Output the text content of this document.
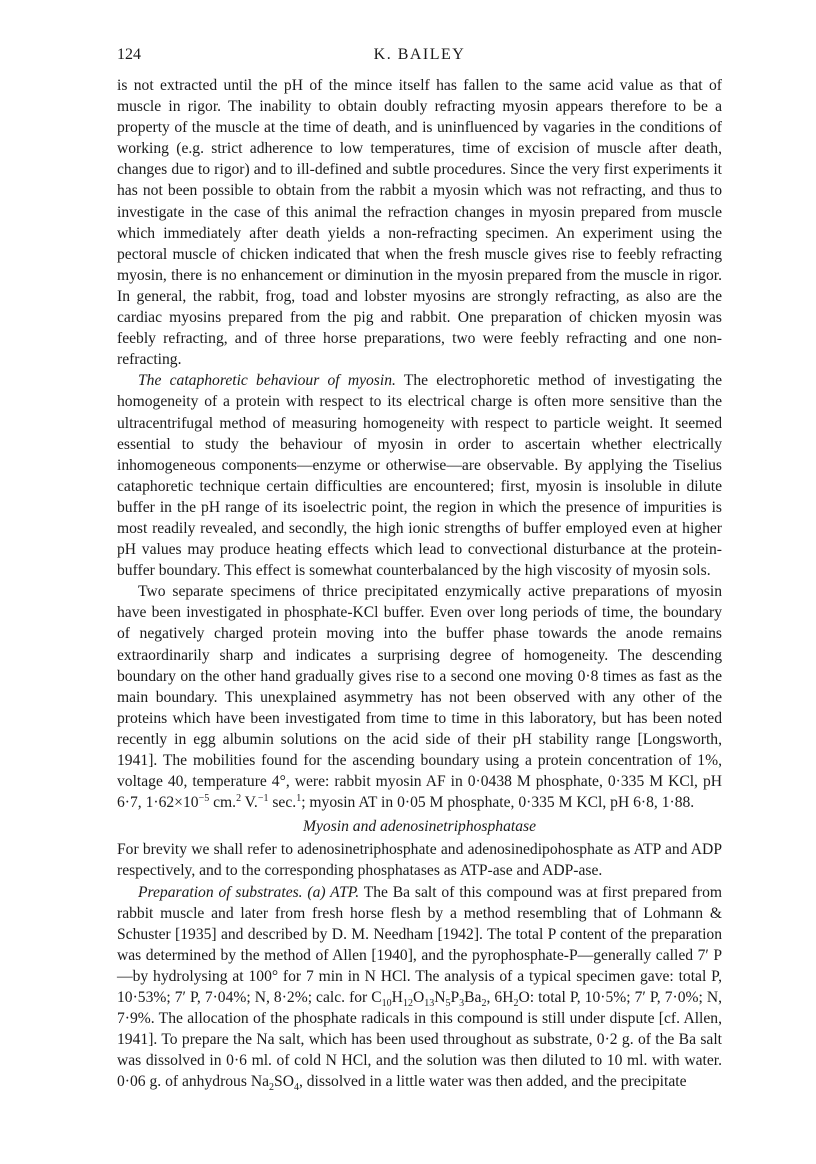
124	K. BAILEY

is not extracted until the pH of the mince itself has fallen to the same acid value as that of muscle in rigor. The inability to obtain doubly refracting myosin appears therefore to be a property of the muscle at the time of death, and is uninfluenced by vagaries in the conditions of working (e.g. strict adherence to low temperatures, time of excision of muscle after death, changes due to rigor) and to ill-defined and subtle procedures. Since the very first experiments it has not been possible to obtain from the rabbit a myosin which was not refracting, and thus to investigate in the case of this animal the refraction changes in myosin prepared from muscle which immediately after death yields a non-refracting specimen. An experiment using the pectoral muscle of chicken indicated that when the fresh muscle gives rise to feebly refracting myosin, there is no enhancement or diminution in the myosin prepared from the muscle in rigor. In general, the rabbit, frog, toad and lobster myosins are strongly refracting, as also are the cardiac myosins prepared from the pig and rabbit. One preparation of chicken myosin was feebly refracting, and of three horse preparations, two were feebly refracting and one non-refracting.

The cataphoretic behaviour of myosin. The electrophoretic method of investigating the homogeneity of a protein with respect to its electrical charge is often more sensitive than the ultracentrifugal method of measuring homogeneity with respect to particle weight. It seemed essential to study the behaviour of myosin in order to ascertain whether electrically inhomogeneous components—enzyme or otherwise—are observable. By applying the Tiselius cataphoretic technique certain difficulties are encountered; first, myosin is insoluble in dilute buffer in the pH range of its isoelectric point, the region in which the presence of impurities is most readily revealed, and secondly, the high ionic strengths of buffer employed even at higher pH values may produce heating effects which lead to convectional disturbance at the protein-buffer boundary. This effect is somewhat counterbalanced by the high viscosity of myosin sols.

Two separate specimens of thrice precipitated enzymically active preparations of myosin have been investigated in phosphate-KCl buffer. Even over long periods of time, the boundary of negatively charged protein moving into the buffer phase towards the anode remains extraordinarily sharp and indicates a surprising degree of homogeneity. The descending boundary on the other hand gradually gives rise to a second one moving 0·8 times as fast as the main boundary. This unexplained asymmetry has not been observed with any other of the proteins which have been investigated from time to time in this laboratory, but has been noted recently in egg albumin solutions on the acid side of their pH stability range [Longsworth, 1941]. The mobilities found for the ascending boundary using a protein concentration of 1%, voltage 40, temperature 4°, were: rabbit myosin AF in 0·0438 M phosphate, 0·335 M KCl, pH 6·7, $1\cdot 62\times 10^{-5}$ cm.$^2$ V.$^{-1}$ sec.$^1$; myosin AT in 0·05 M phosphate, 0·335 M KCl, pH 6·8, 1·88.

Myosin and adenosinetriphosphatase

For brevity we shall refer to adenosinetriphosphate and adenosinedipohosphate as ATP and ADP respectively, and to the corresponding phosphatases as ATP-ase and ADP-ase.

Preparation of substrates. (a) ATP. The Ba salt of this compound was at first prepared from rabbit muscle and later from fresh horse flesh by a method resembling that of Lohmann & Schuster [1935] and described by D. M. Needham [1942]. The total P content of the preparation was determined by the method of Allen [1940], and the pyrophosphate-P—generally called 7′ P—by hydrolysing at 100° for 7 min in N HCl. The analysis of a typical specimen gave: total P, 10·53%; 7′ P, 7·04%; N, 8·2%; calc. for $C_{10}H_{12}O_{13}N_5P_3Ba_2$, $6H_2O$: total P, 10·5%; 7′ P, 7·0%; N, 7·9%. The allocation of the phosphate radicals in this compound is still under dispute [cf. Allen, 1941]. To prepare the Na salt, which has been used throughout as substrate, 0·2 g. of the Ba salt was dissolved in 0·6 ml. of cold N HCl, and the solution was then diluted to 10 ml. with water. 0·06 g. of anhydrous $Na_2SO_4$, dissolved in a little water was then added, and the precipitate
